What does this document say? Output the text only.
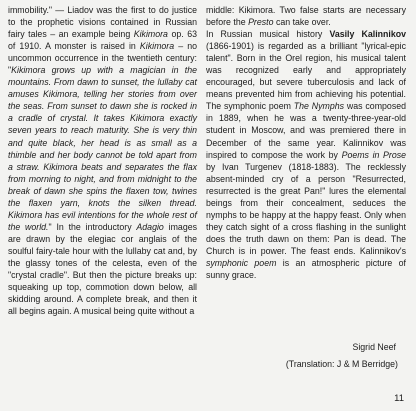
immobility." — Liadov was the first to do justice to the prophetic visions contained in Russian fairy tales – an example being Kikimora op. 63 of 1910. A monster is raised in Kikimora – no uncommon occurrence in the twentieth century: "Kikimora grows up with a magician in the mountains. From dawn to sunset, the lullaby cat amuses Kikimora, telling her stories from over the seas. From sunset to dawn she is rocked in a cradle of crystal. It takes Kikimora exactly seven years to reach maturity. She is very thin and quite black, her head is as small as a thimble and her body cannot be told apart from a straw. Kikimora beats and separates the flax from morning to night, and from midnight to the break of dawn she spins the flaxen tow, twines the flaxen yarn, knots the silken thread. Kikimora has evil intentions for the whole rest of the world." In the introductory Adagio images are drawn by the elegiac cor anglais of the soulful fairy-tale hour with the lullaby cat and, by the glassy tones of the celesta, even of the "crystal cradle". But then the picture breaks up: squeaking up top, commotion down below, all skidding around. A complete break, and then it all begins again. A musical being quite without a

middle: Kikimora. Two false starts are necessary before the Presto can take over.

In Russian musical history Vasily Kalinnikov (1866-1901) is regarded as a brilliant "lyrical-epic talent". Born in the Orel region, his musical talent was recognized early and appropriately encouraged, but severe tuberculosis and lack of means prevented him from achieving his potential. The symphonic poem The Nymphs was composed in 1889, when he was a twenty-three-year-old student in Moscow, and was premiered there in December of the same year. Kalinnikov was inspired to compose the work by Poems in Prose by Ivan Turgenev (1818-1883). The recklessly absent-minded cry of a person "Resurrected, resurrected is the great Pan!" lures the elemental beings from their concealment, seduces the nymphs to be happy at the happy feast. Only when they catch sight of a cross flashing in the sunlight does the truth dawn on them: Pan is dead. The Church is in power. The feast ends. Kalinnikov's symphonic poem is an atmospheric picture of sunny grace.

Sigrid Neef
(Translation: J & M Berridge)
11
